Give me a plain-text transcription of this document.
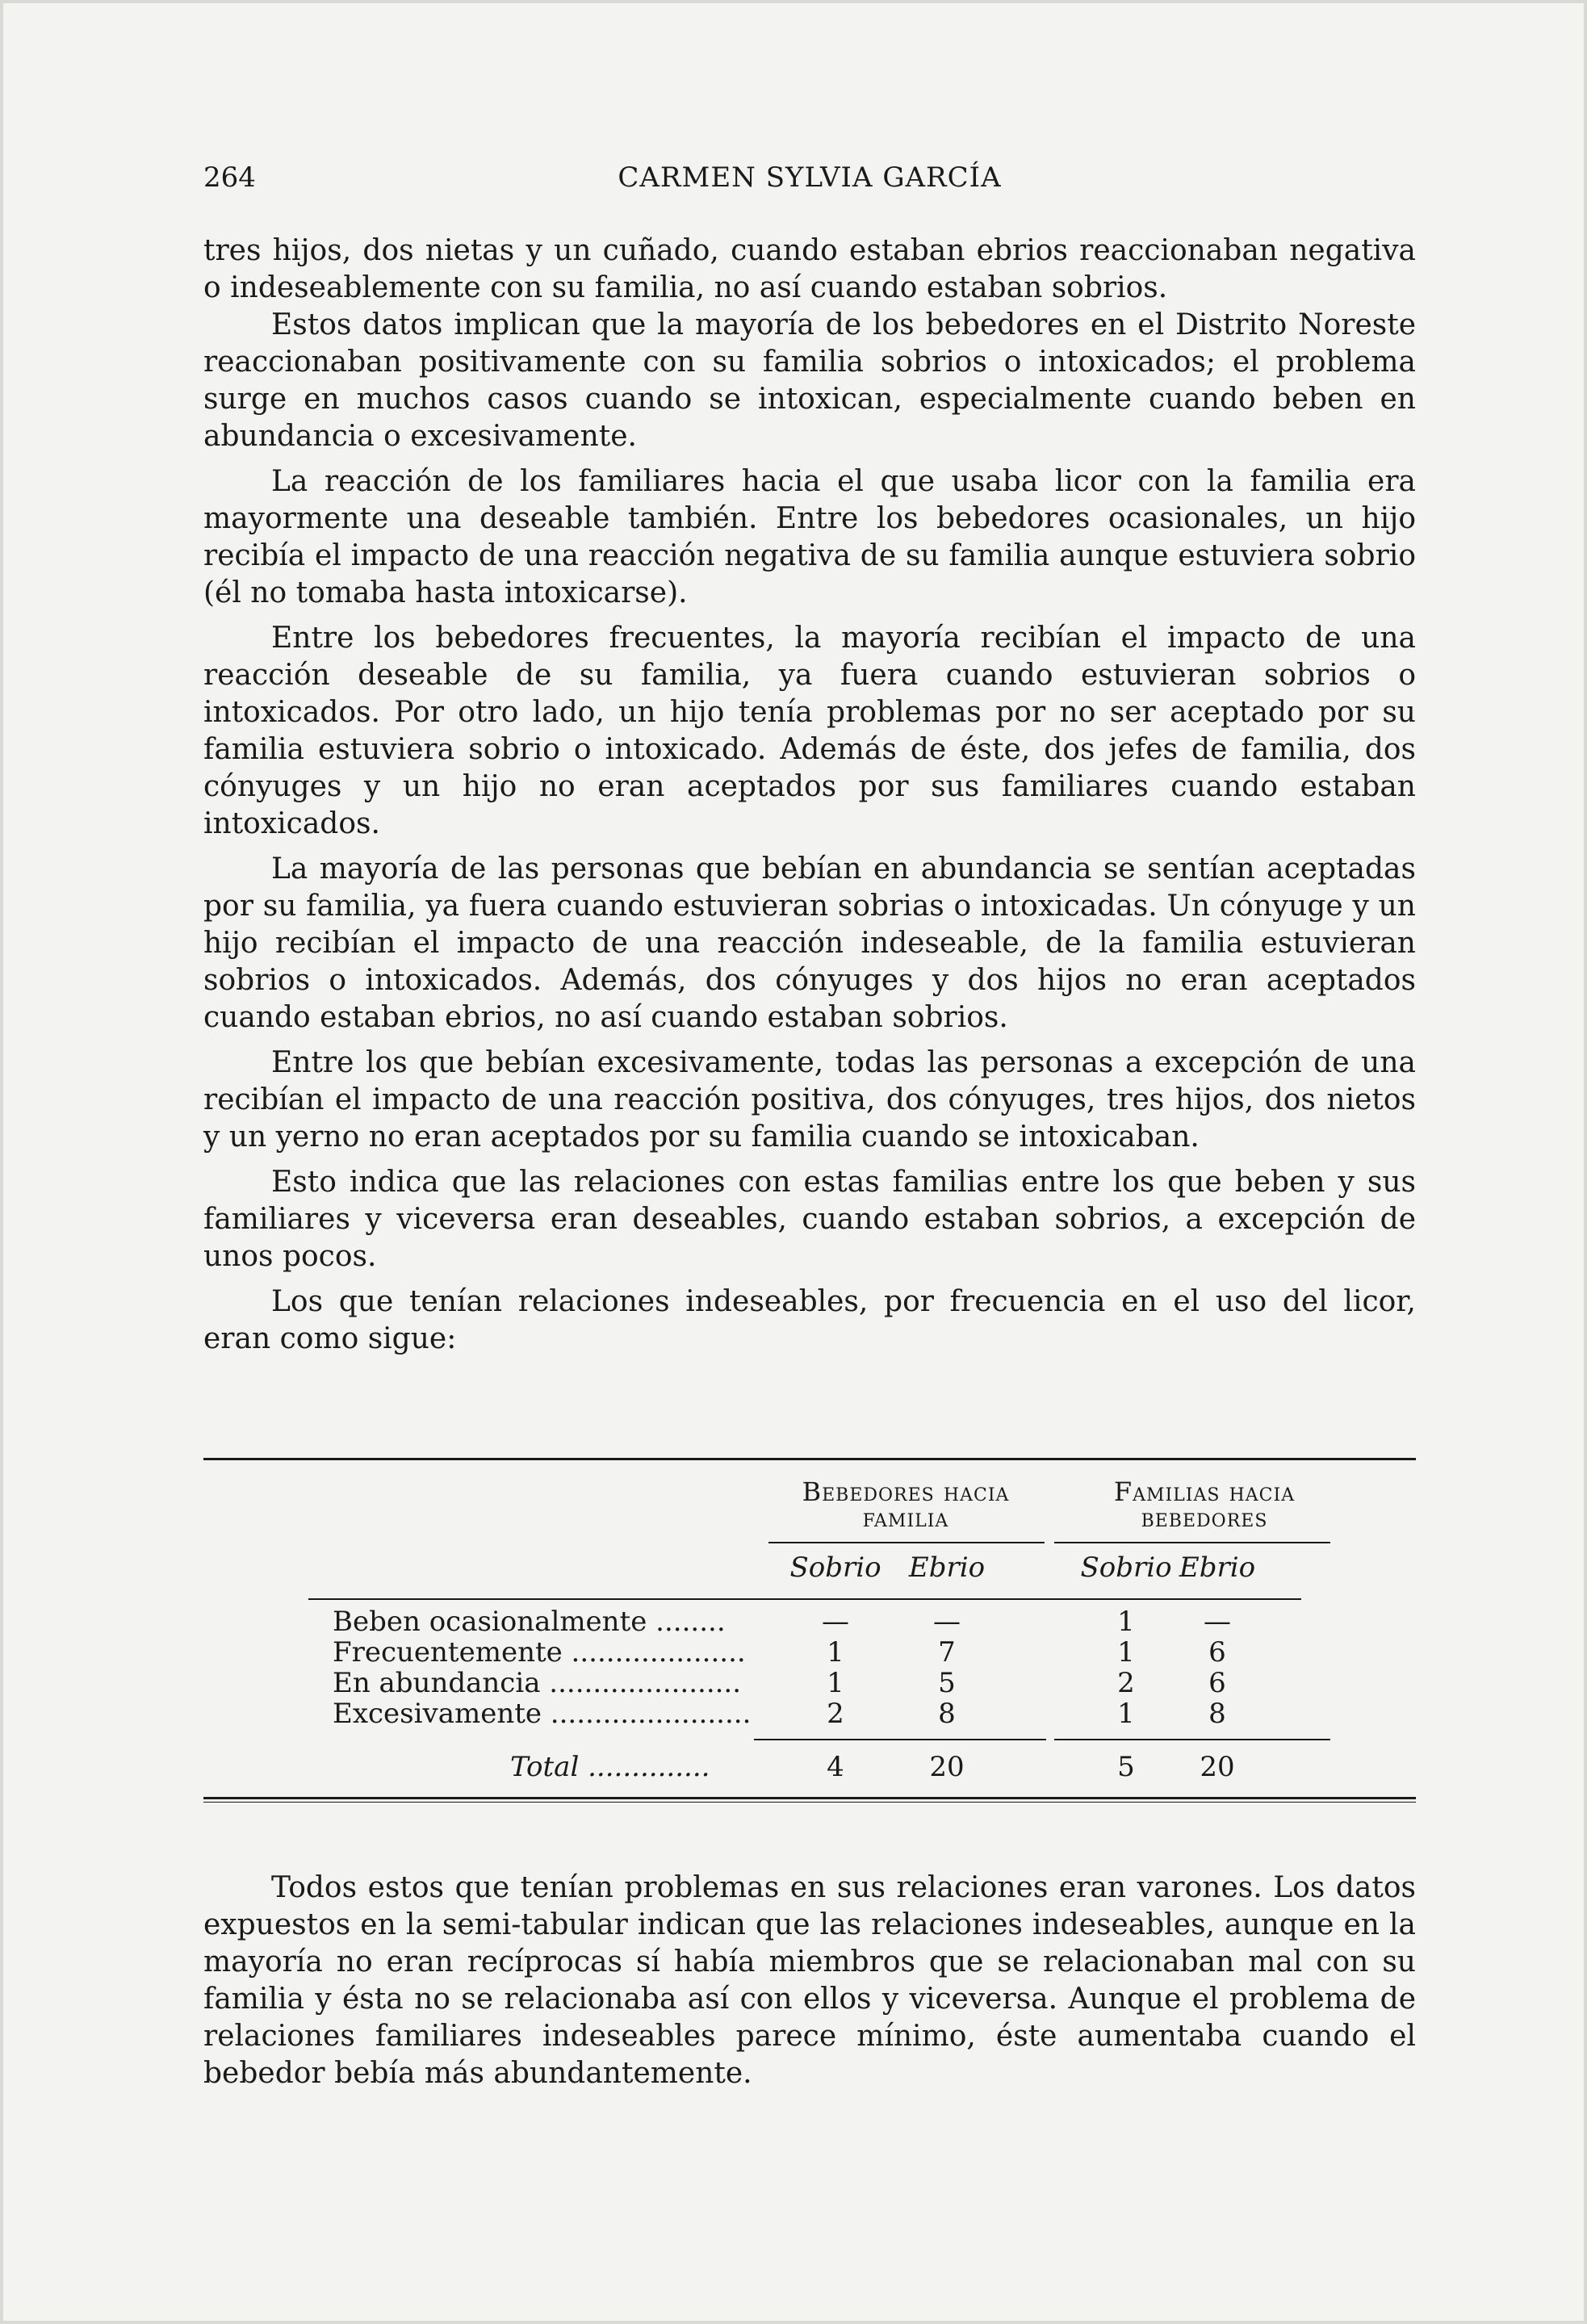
264	CARMEN SYLVIA GARCÍA

tres hijos, dos nietas y un cuñado, cuando estaban ebrios reaccionaban negativa o indeseablemente con su familia, no así cuando estaban sobrios.

Estos datos implican que la mayoría de los bebedores en el Distrito Noreste reaccionaban positivamente con su familia sobrios o intoxicados; el problema surge en muchos casos cuando se intoxican, especialmente cuando beben en abundancia o excesivamente.

La reacción de los familiares hacia el que usaba licor con la familia era mayormente una deseable también. Entre los bebedores ocasionales, un hijo recibía el impacto de una reacción negativa de su familia aunque estuviera sobrio (él no tomaba hasta intoxicarse).

Entre los bebedores frecuentes, la mayoría recibían el impacto de una reacción deseable de su familia, ya fuera cuando estuvieran sobrios o intoxicados. Por otro lado, un hijo tenía problemas por no ser aceptado por su familia estuviera sobrio o intoxicado. Además de éste, dos jefes de familia, dos cónyuges y un hijo no eran aceptados por sus familiares cuando estaban intoxicados.

La mayoría de las personas que bebían en abundancia se sentían aceptadas por su familia, ya fuera cuando estuvieran sobrias o intoxicadas. Un cónyuge y un hijo recibían el impacto de una reacción indeseable, de la familia estuvieran sobrios o intoxicados. Además, dos cónyuges y dos hijos no eran aceptados cuando estaban ebrios, no así cuando estaban sobrios.

Entre los que bebían excesivamente, todas las personas a excepción de una recibían el impacto de una reacción positiva, dos cónyuges, tres hijos, dos nietos y un yerno no eran aceptados por su familia cuando se intoxicaban.

Esto indica que las relaciones con estas familias entre los que beben y sus familiares y viceversa eran deseables, cuando estaban sobrios, a excepción de unos pocos.

Los que tenían relaciones indeseables, por frecuencia en el uso del licor, eran como sigue:

Bebedores hacia
familia
Familias hacia
bebedores
Sobrio	Ebrio	Sobrio Ebrio
Beben ocasionalmente ........	—	—	1	—
Frecuentemente ....................	1	7	1	6
En abundancia ......................	1	5	2	6
Excesivamente .......................	2	8	1	8
Total ..............	4	20	5	20

Todos estos que tenían problemas en sus relaciones eran varones. Los datos expuestos en la semi-tabular indican que las relaciones indeseables, aunque en la mayoría no eran recíprocas sí había miembros que se relacionaban mal con su familia y ésta no se relacionaba así con ellos y viceversa. Aunque el problema de relaciones familiares indeseables parece mínimo, éste aumentaba cuando el bebedor bebía más abundantemente.
